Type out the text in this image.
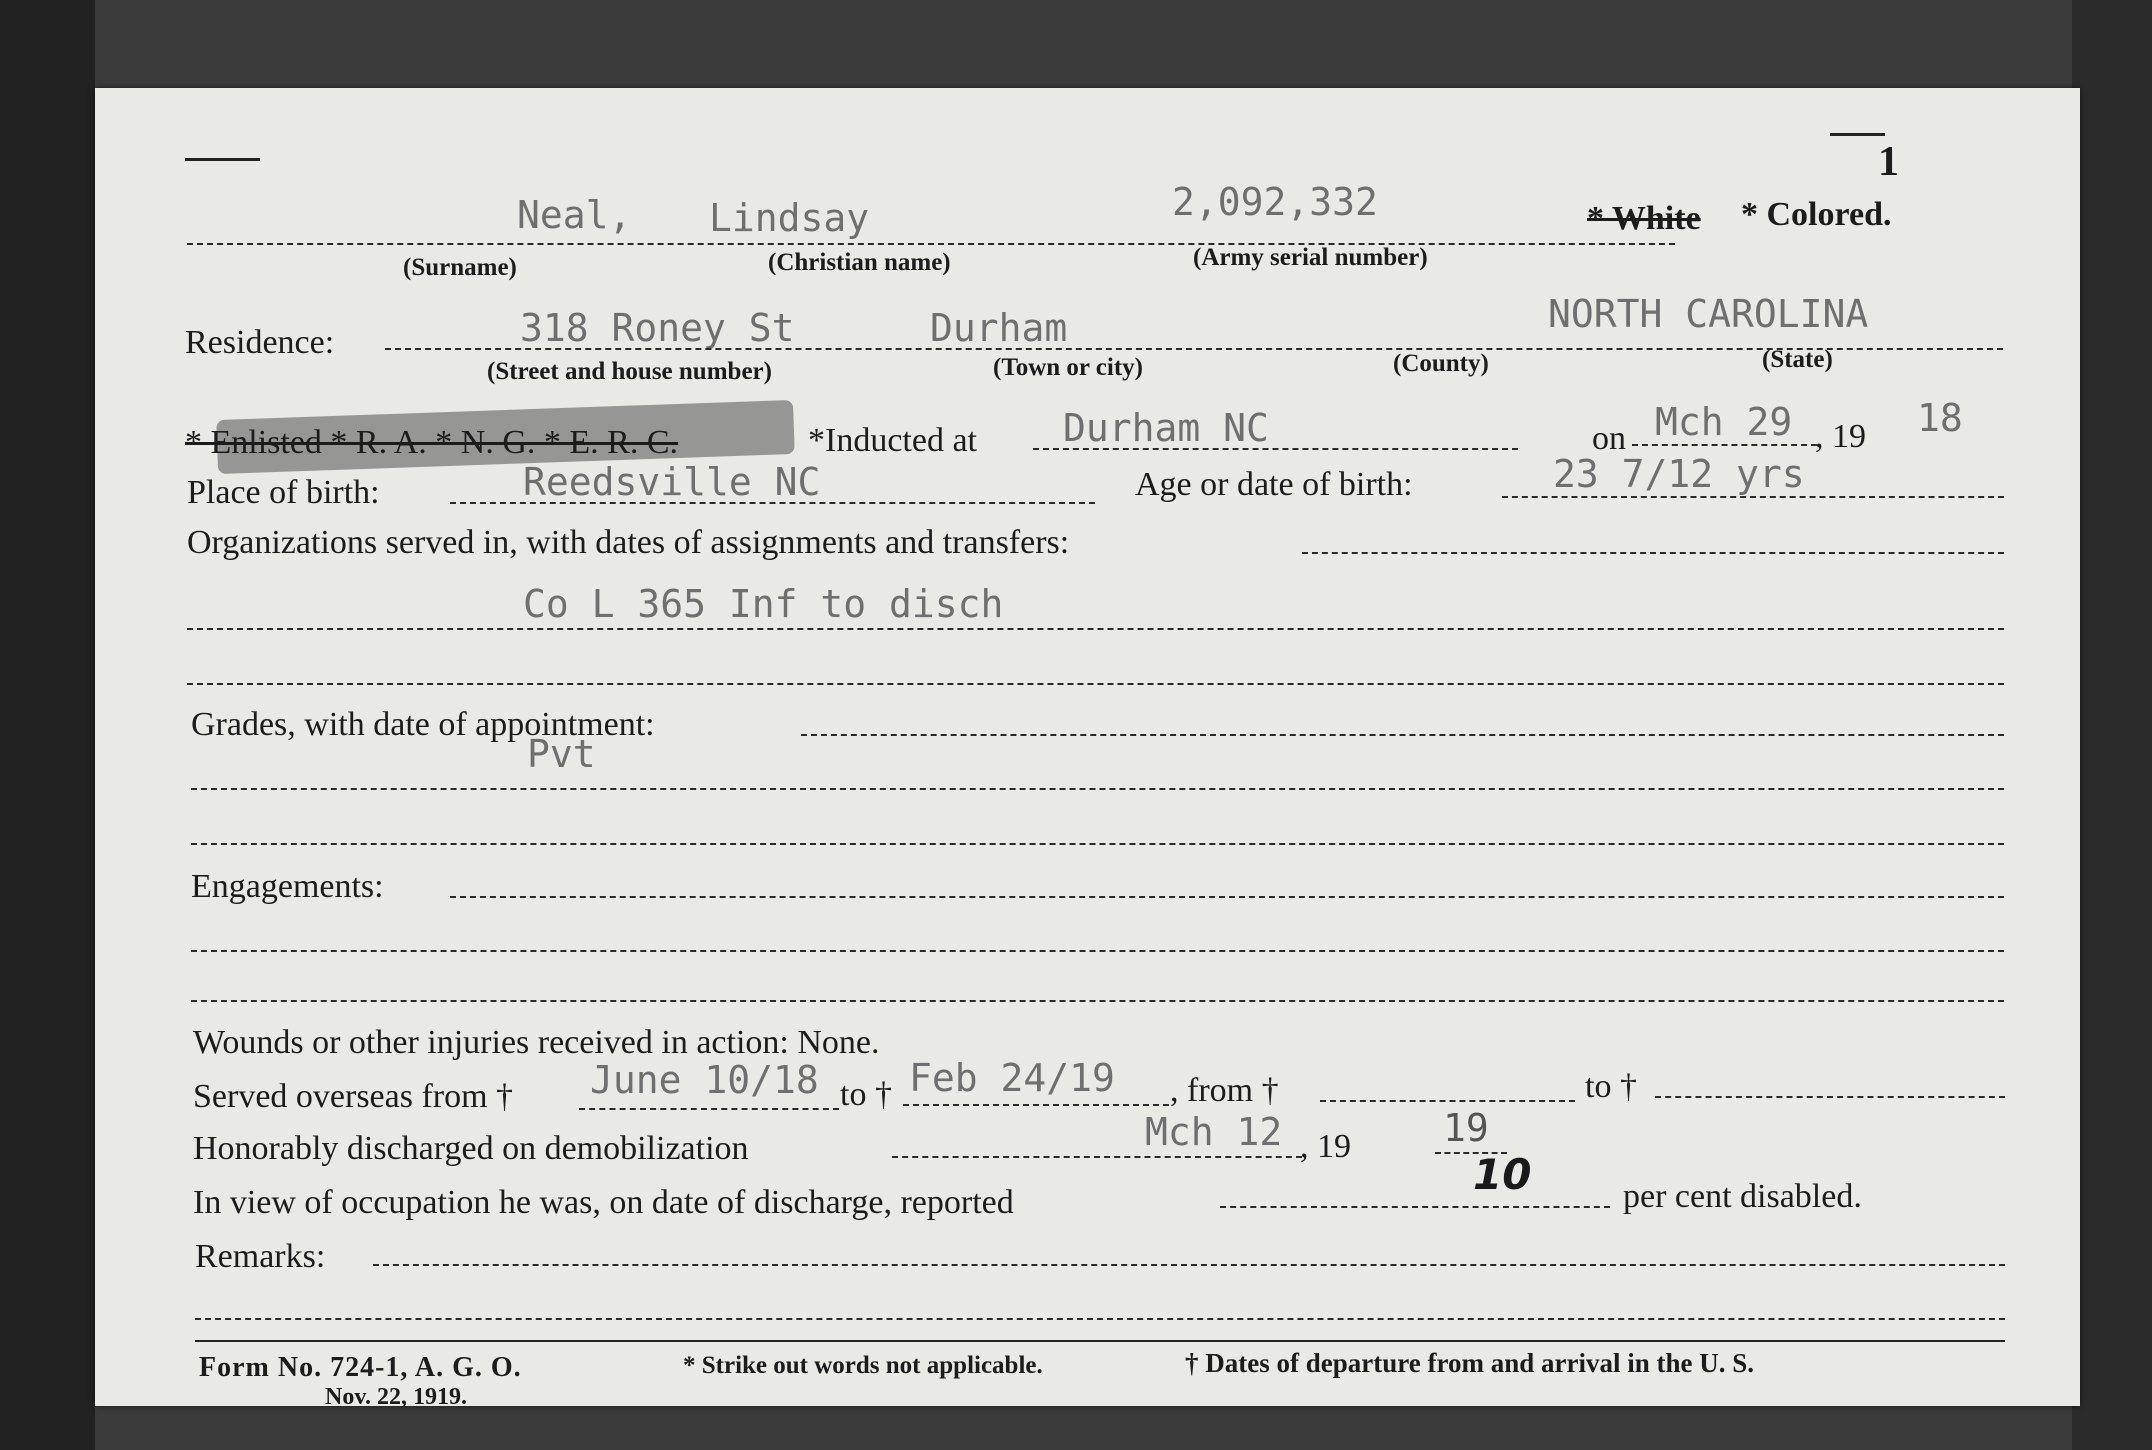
1
Neal, Lindsay	2,092,332	* White * Colored.
(Surname)	(Christian name)	(Army serial number)
Residence:	318 Roney St	Durham	NORTH CAROLINA
(Street and house number)	(Town or city)	(County)	(State)
* Enlisted * R. A. * N. G. * E. R. C.	*Inducted at Durham NC	on Mch 29 , 19 18
Place of birth:	Reedsville NC	Age or date of birth:	23 7/12 yrs
Organizations served in, with dates of assignments and transfers:
Co L 365 Inf to disch
Grades, with date of appointment:
Pvt
Engagements:
Wounds or other injuries received in action: None.
Served overseas from † June 10/18 to † Feb 24/19 , from †	to †
Honorably discharged on demobilization	Mch 12 , 19 19
In view of occupation he was, on date of discharge, reported
10	per cent disabled.
Remarks:
Form No. 724-1, A. G. O.
Nov. 22, 1919.
* Strike out words not applicable.	† Dates of departure from and arrival in the U. S.
